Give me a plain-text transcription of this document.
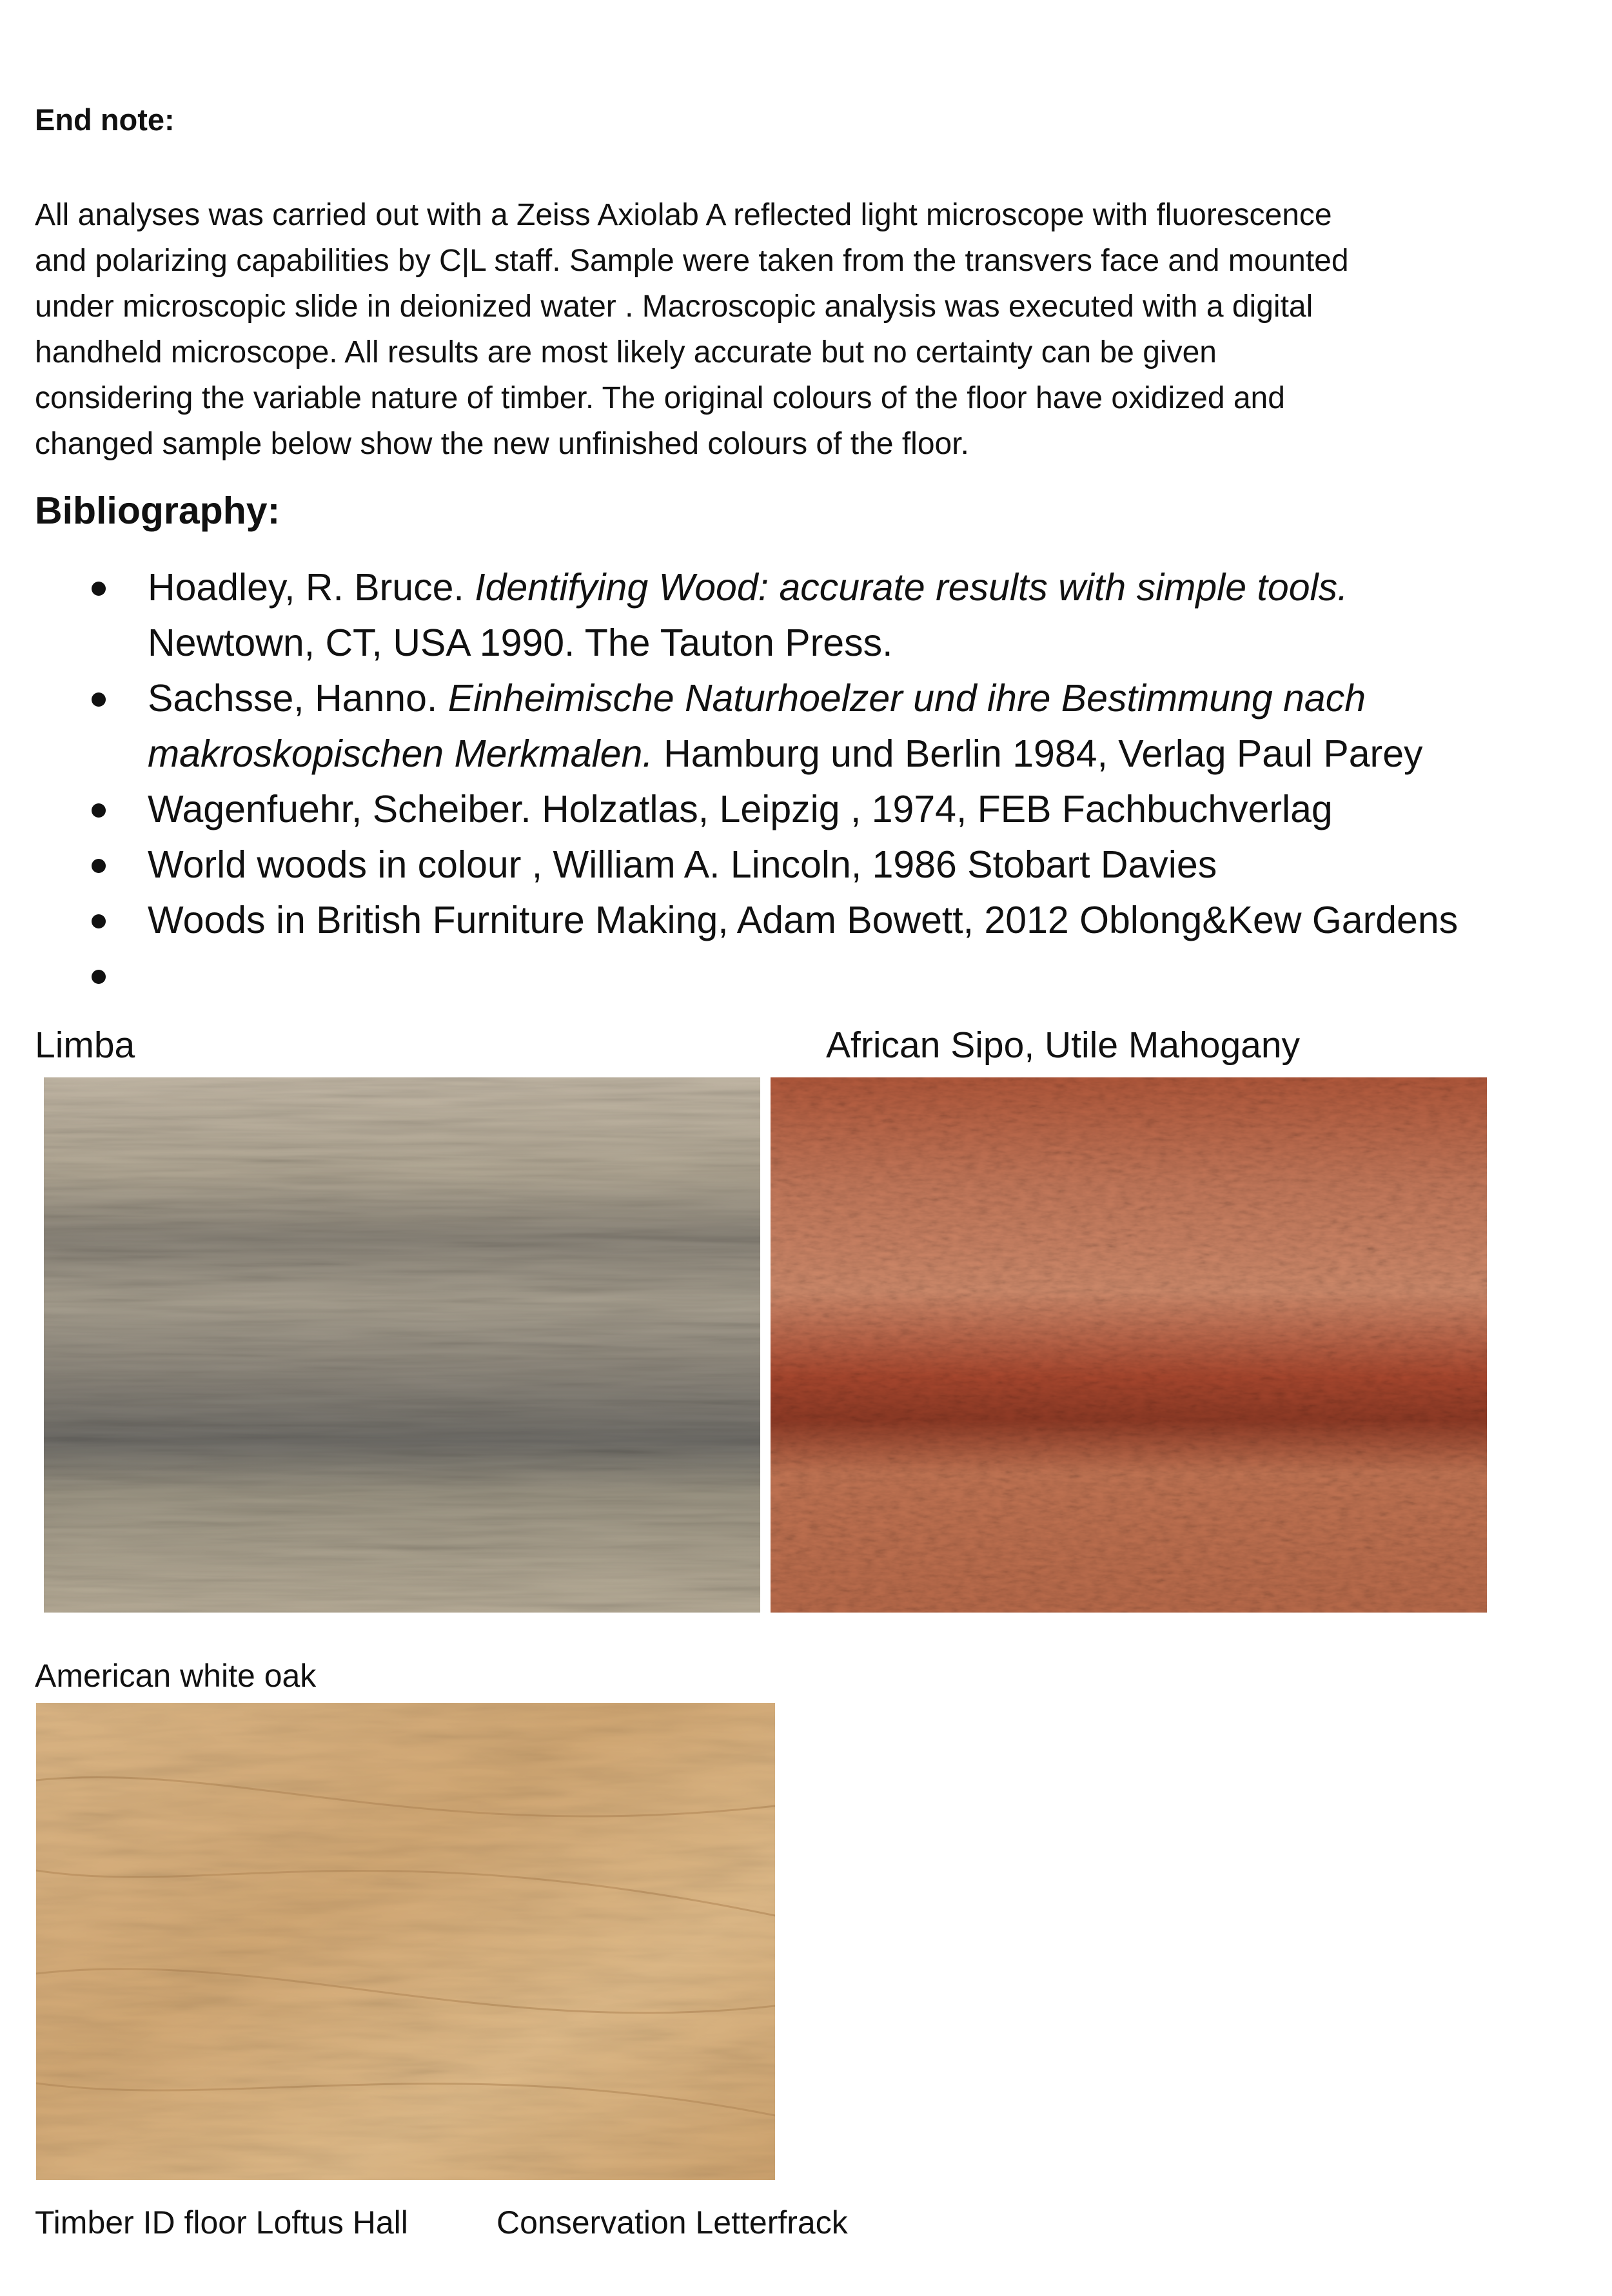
End note:

All analyses was carried out with a Zeiss Axiolab A reflected light microscope with fluorescence
and polarizing capabilities by C|L staff. Sample were taken from the transvers face and mounted
under microscopic slide in deionized water . Macroscopic analysis was executed with a digital
handheld microscope. All results are most likely accurate but no certainty can be given
considering the variable nature of timber. The original colours of the floor have oxidized and
changed sample below show the new unfinished colours of the floor.

Bibliography:
Hoadley, R. Bruce. Identifying Wood: accurate results with simple tools.
Newtown, CT, USA 1990. The Tauton Press.
Sachsse, Hanno. Einheimische Naturhoelzer und ihre Bestimmung nach
makroskopischen Merkmalen. Hamburg und Berlin 1984, Verlag Paul Parey
Wagenfuehr, Scheiber. Holzatlas, Leipzig , 1974, FEB Fachbuchverlag
World woods in colour , William A. Lincoln, 1986 Stobart Davies
Woods in British Furniture Making, Adam Bowett, 2012 Oblong&Kew Gardens

Limba	African Sipo, Utile Mahogany

American white oak

Timber ID floor Loftus Hall	Conservation Letterfrack
